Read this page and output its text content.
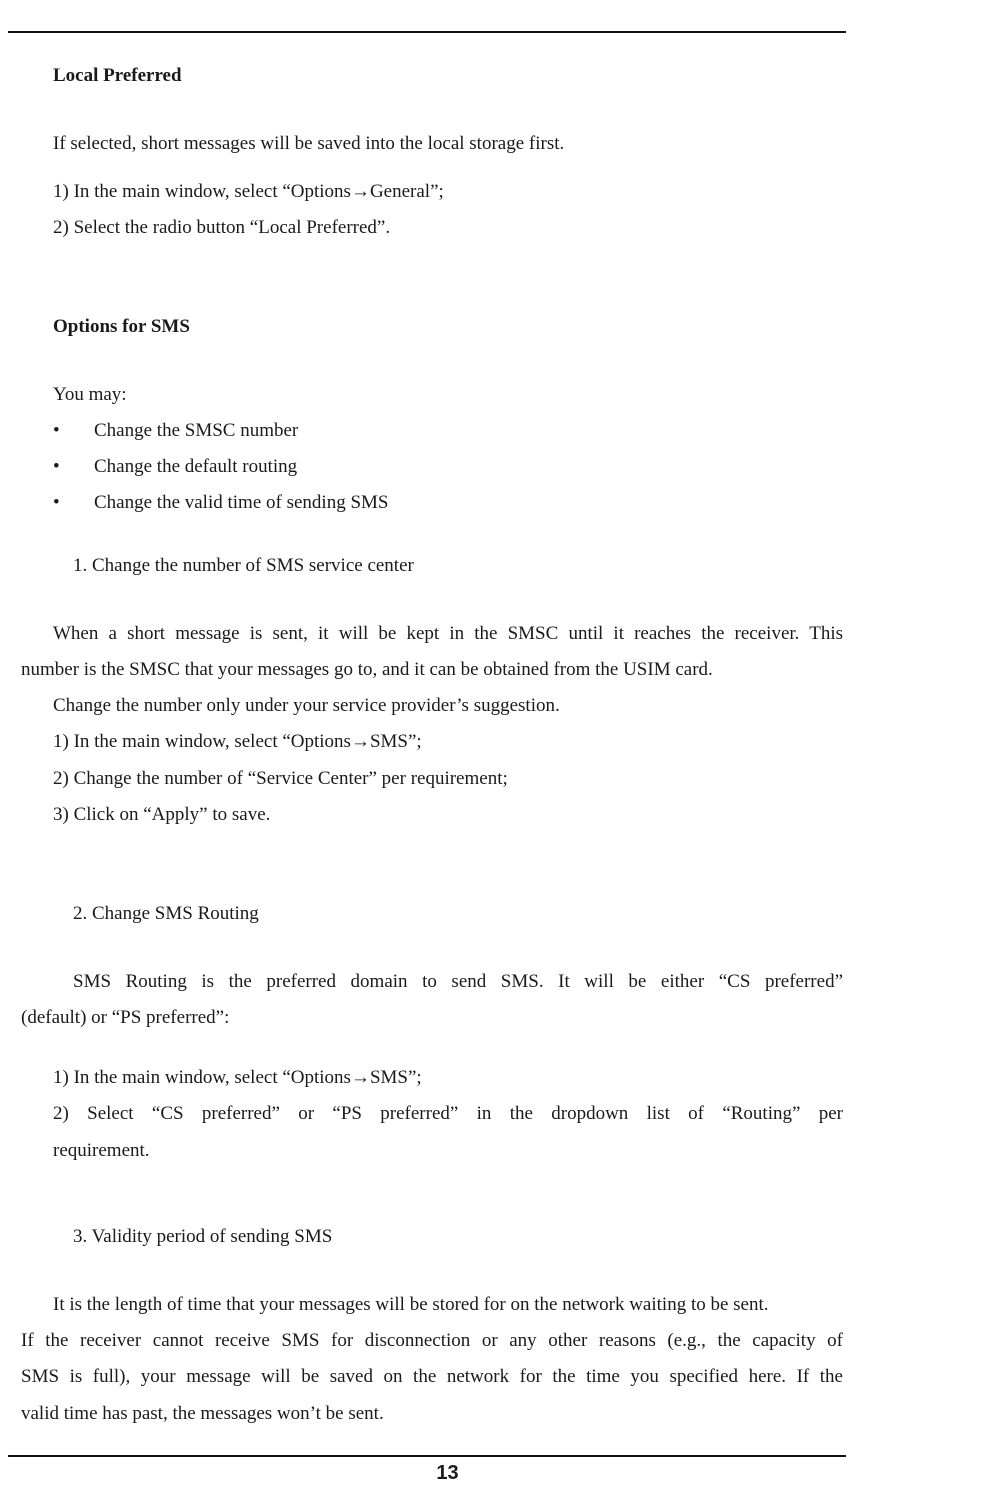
Local Preferred
If selected, short messages will be saved into the local storage first.
1) In the main window, select “Options→General”;
2) Select the radio button “Local Preferred”.
Options for SMS
You may:
• Change the SMSC number
• Change the default routing
• Change the valid time of sending SMS
1. Change the number of SMS service center
When a short message is sent, it will be kept in the SMSC until it reaches the receiver. This
number is the SMSC that your messages go to, and it can be obtained from the USIM card.
Change the number only under your service provider’s suggestion.
1) In the main window, select “Options→SMS”;
2) Change the number of “Service Center” per requirement;
3) Click on “Apply” to save.
2. Change SMS Routing
SMS Routing is the preferred domain to send SMS. It will be either “CS preferred”
(default) or “PS preferred”:
1) In the main window, select “Options→SMS”;
2) Select “CS preferred” or “PS preferred” in the dropdown list of “Routing” per
requirement.
3. Validity period of sending SMS
It is the length of time that your messages will be stored for on the network waiting to be sent.
If the receiver cannot receive SMS for disconnection or any other reasons (e.g., the capacity of
SMS is full), your message will be saved on the network for the time you specified here. If the
valid time has past, the messages won’t be sent.
13
